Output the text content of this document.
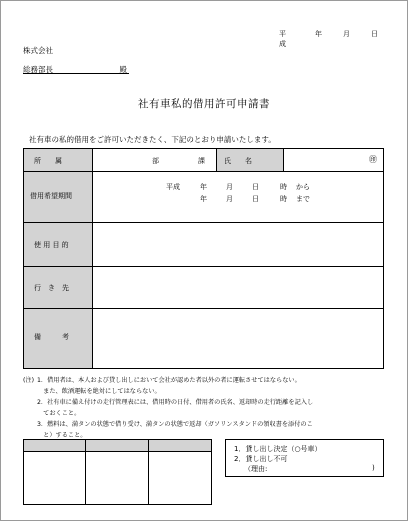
平成
年	月	日
株式会社
総務部長	殿
社有車私的借用許可申請書
社有車の私的借用をご許可いただきたく、下記のとおり申請いたします。
所　　属	部	課	氏　　名	㊞
借用希望期間
平成	年	月	日	時 から
年	月	日	時 まで
使 用 目 的
行　き　先
備　　　考
(注) 1．借用者は、本人および貸し出しにおいて会社が認めた者以外の者に運転させてはならない。
　また、飲酒運転を絶対にしてはならない。
2．社有車に備え付けの走行管理表には、借用時の日付、借用者の氏名、返却時の走行距離を記入し
　ておくこと。
3．燃料は、満タンの状態で借り受け、満タンの状態で返却（ガソリンスタンドの領収書を添付のこ
　と）すること。
1．貸し出し決定（○号車）
2．貸し出し不可
（理由:	)
